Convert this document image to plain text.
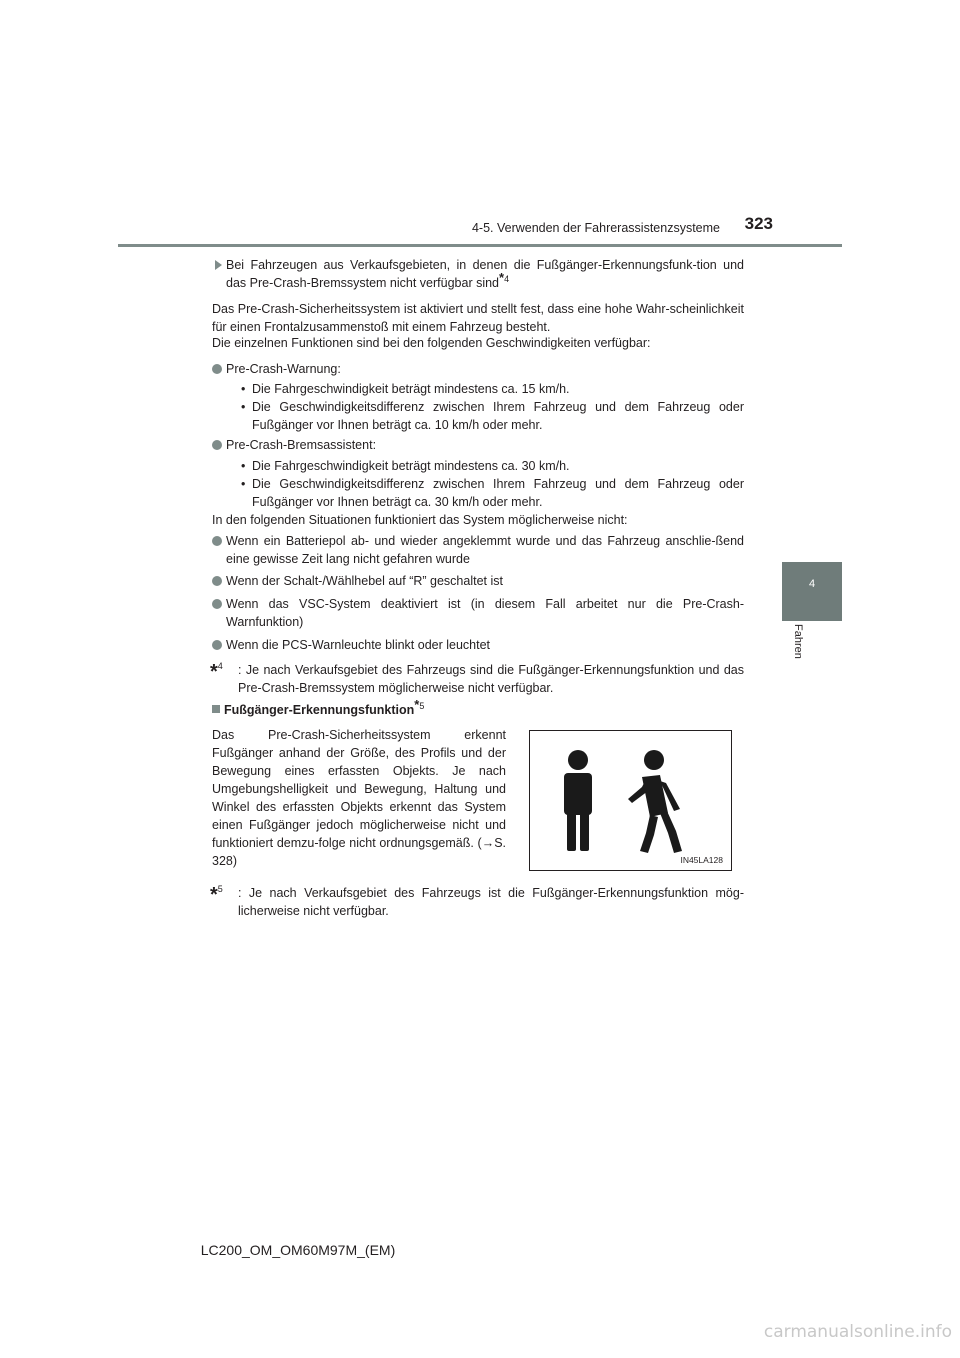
4-5. Verwenden der Fahrerassistenzsysteme	323
4
Fahren
Bei Fahrzeugen aus Verkaufsgebieten, in denen die Fußgänger-Erkennungsfunk-tion und das Pre-Crash-Bremssystem nicht verfügbar sind$^{*4}$
Das Pre-Crash-Sicherheitssystem ist aktiviert und stellt fest, dass eine hohe Wahr-scheinlichkeit für einen Frontalzusammenstoß mit einem Fahrzeug besteht.
Die einzelnen Funktionen sind bei den folgenden Geschwindigkeiten verfügbar:
Pre-Crash-Warnung:
• Die Fahrgeschwindigkeit beträgt mindestens ca. 15 km/h.
• Die Geschwindigkeitsdifferenz zwischen Ihrem Fahrzeug und dem Fahrzeug oder Fußgänger vor Ihnen beträgt ca. 10 km/h oder mehr.
Pre-Crash-Bremsassistent:
• Die Fahrgeschwindigkeit beträgt mindestens ca. 30 km/h.
• Die Geschwindigkeitsdifferenz zwischen Ihrem Fahrzeug und dem Fahrzeug oder Fußgänger vor Ihnen beträgt ca. 30 km/h oder mehr.
In den folgenden Situationen funktioniert das System möglicherweise nicht:
Wenn ein Batteriepol ab- und wieder angeklemmt wurde und das Fahrzeug anschlie-ßend eine gewisse Zeit lang nicht gefahren wurde
Wenn der Schalt-/Wählhebel auf “R” geschaltet ist
Wenn das VSC-System deaktiviert ist (in diesem Fall arbeitet nur die Pre-Crash-Warnfunktion)
Wenn die PCS-Warnleuchte blinkt oder leuchtet
*$^4$ : Je nach Verkaufsgebiet des Fahrzeugs sind die Fußgänger-Erkennungsfunktion und das Pre-Crash-Bremssystem möglicherweise nicht verfügbar.
Fußgänger-Erkennungsfunktion$^{*5}$
Das Pre-Crash-Sicherheitssystem erkennt Fußgänger anhand der Größe, des Profils und der Bewegung eines erfassten Objekts. Je nach Umgebungshelligkeit und Bewegung, Haltung und Winkel des erfassten Objekts erkennt das System einen Fußgänger jedoch möglicherweise nicht und funktioniert demzu-folge nicht ordnungsgemäß. (→S. 328)
*$^5$ : Je nach Verkaufsgebiet des Fahrzeugs ist die Fußgänger-Erkennungsfunktion mög-licherweise nicht verfügbar.
IN45LA128
LC200_OM_OM60M97M_(EM)
carmanualsonline.info
